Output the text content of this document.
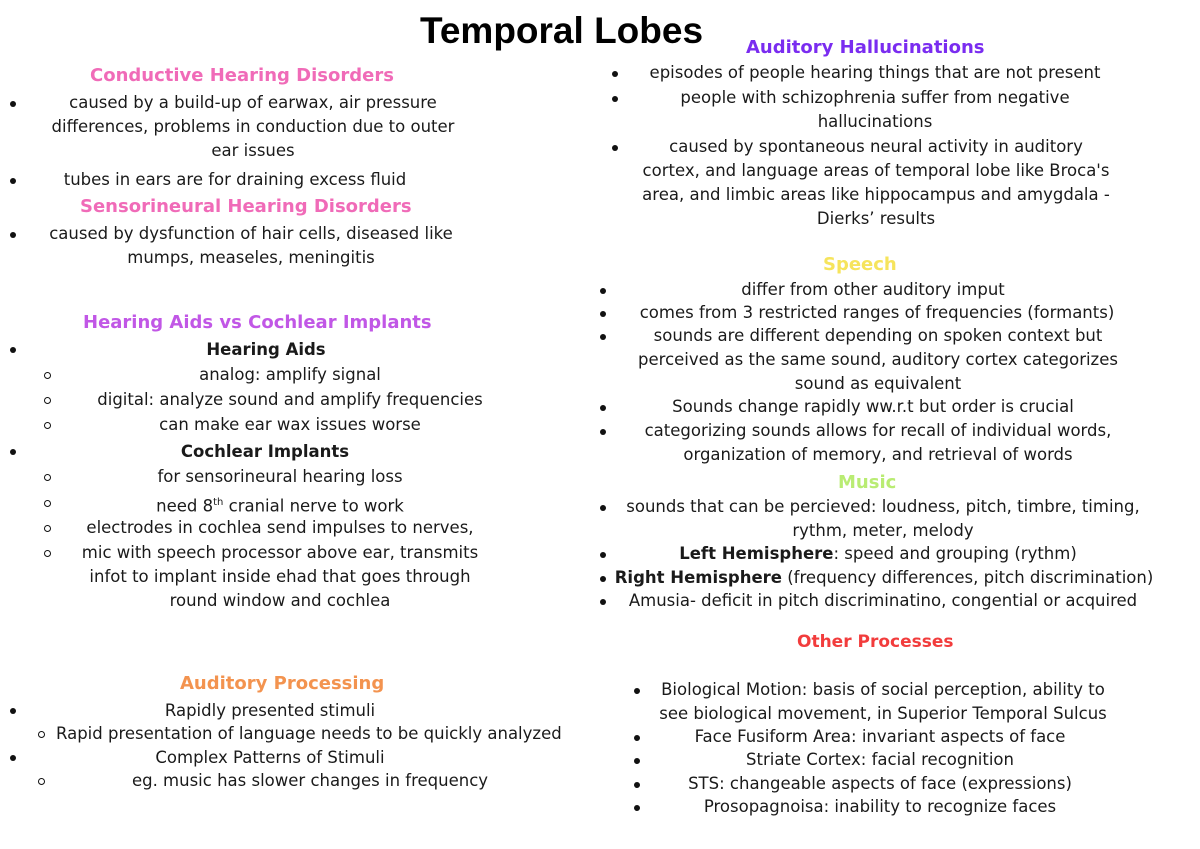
Temporal Lobes
Conductive Hearing Disorders
caused by a build-up of earwax, air pressure
differences, problems in conduction due to outer
ear issues
tubes in ears are for draining excess fluid
Sensorineural Hearing Disorders
caused by dysfunction of hair cells, diseased like
mumps, measeles, meningitis
Hearing Aids vs Cochlear Implants
Hearing Aids
analog: amplify signal
digital: analyze sound and amplify frequencies
can make ear wax issues worse
Cochlear Implants
for sensorineural hearing loss
need 8th cranial nerve to work
electrodes in cochlea send impulses to nerves,
mic with speech processor above ear, transmits
infot to implant inside ehad that goes through
round window and cochlea
Auditory Processing
Rapidly presented stimuli
Rapid presentation of language needs to be quickly analyzed
Complex Patterns of Stimuli
eg. music has slower changes in frequency
Auditory Hallucinations
episodes of people hearing things that are not present
people with schizophrenia suffer from negative
hallucinations
caused by spontaneous neural activity in auditory
cortex, and language areas of temporal lobe like Broca's
area, and limbic areas like hippocampus and amygdala -
Dierks’ results
Speech
differ from other auditory imput
comes from 3 restricted ranges of frequencies (formants)
sounds are different depending on spoken context but
perceived as the same sound, auditory cortex categorizes
sound as equivalent
Sounds change rapidly ww.r.t but order is crucial
categorizing sounds allows for recall of individual words,
organization of memory, and retrieval of words
Music
sounds that can be percieved: loudness, pitch, timbre, timing,
rythm, meter, melody
Left Hemisphere: speed and grouping (rythm)
Right Hemisphere (frequency differences, pitch discrimination)
Amusia- deficit in pitch discriminatino, congential or acquired
Other Processes
Biological Motion: basis of social perception, ability to
see biological movement, in Superior Temporal Sulcus
Face Fusiform Area: invariant aspects of face
Striate Cortex: facial recognition
STS: changeable aspects of face (expressions)
Prosopagnoisa: inability to recognize faces
